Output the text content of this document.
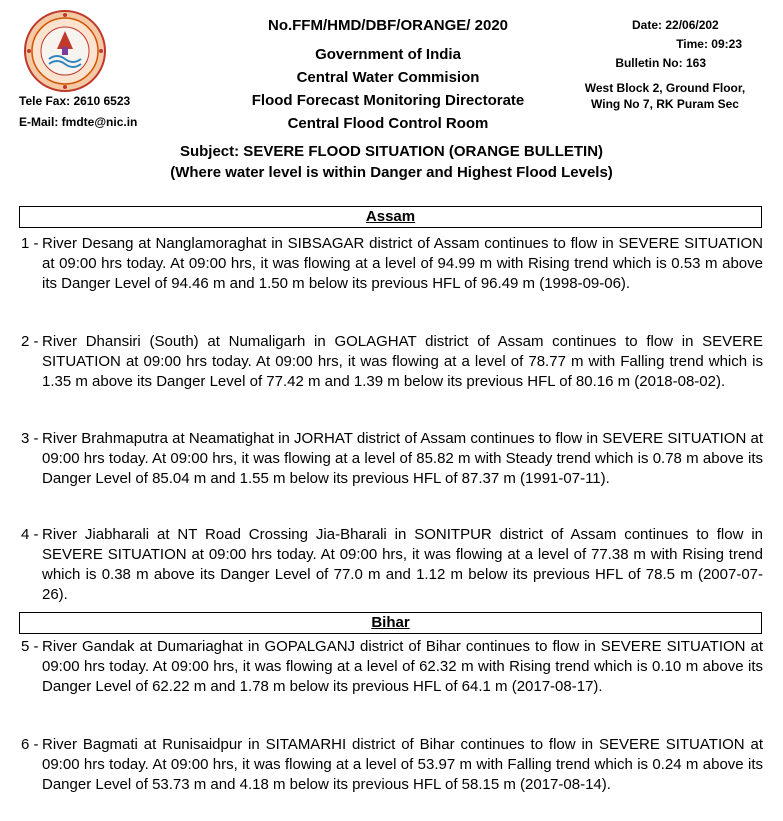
Tele Fax: 2610 6523
E-Mail: fmdte@nic.in
No.FFM/HMD/DBF/ORANGE/ 2020
Government of India
Central Water Commision
Flood Forecast Monitoring Directorate
Central Flood Control Room
Date: 22/06/202
Time: 09:23
Bulletin No: 163
West Block 2, Ground Floor,
Wing No 7, RK Puram Sec
Subject: SEVERE FLOOD SITUATION (ORANGE BULLETIN)
(Where water level is within Danger and Highest Flood Levels)
Assam
1 - River Desang at Nanglamoraghat in SIBSAGAR district of Assam continues to flow in SEVERE SITUATION at 09:00 hrs today. At 09:00 hrs, it was flowing at a level of 94.99 m with Rising trend which is 0.53 m above its Danger Level of 94.46 m and 1.50 m below its previous HFL of 96.49 m (1998-09-06).
2 - River Dhansiri (South) at Numaligarh in GOLAGHAT district of Assam continues to flow in SEVERE SITUATION at 09:00 hrs today. At 09:00 hrs, it was flowing at a level of 78.77 m with Falling trend which is 1.35 m above its Danger Level of 77.42 m and 1.39 m below its previous HFL of 80.16 m (2018-08-02).
3 - River Brahmaputra at Neamatighat in JORHAT district of Assam continues to flow in SEVERE SITUATION at 09:00 hrs today. At 09:00 hrs, it was flowing at a level of 85.82 m with Steady trend which is 0.78 m above its Danger Level of 85.04 m and 1.55 m below its previous HFL of 87.37 m (1991-07-11).
4 - River Jiabharali at NT Road Crossing Jia-Bharali in SONITPUR district of Assam continues to flow in SEVERE SITUATION at 09:00 hrs today. At 09:00 hrs, it was flowing at a level of 77.38 m with Rising trend which is 0.38 m above its Danger Level of 77.0 m and 1.12 m below its previous HFL of 78.5 m (2007-07-26).
Bihar
5 - River Gandak at Dumariaghat in GOPALGANJ district of Bihar continues to flow in SEVERE SITUATION at 09:00 hrs today. At 09:00 hrs, it was flowing at a level of 62.32 m with Rising trend which is 0.10 m above its Danger Level of 62.22 m and 1.78 m below its previous HFL of 64.1 m (2017-08-17).
6 - River Bagmati at Runisaidpur in SITAMARHI district of Bihar continues to flow in SEVERE SITUATION at 09:00 hrs today. At 09:00 hrs, it was flowing at a level of 53.97 m with Falling trend which is 0.24 m above its Danger Level of 53.73 m and 4.18 m below its previous HFL of 58.15 m (2017-08-14).
